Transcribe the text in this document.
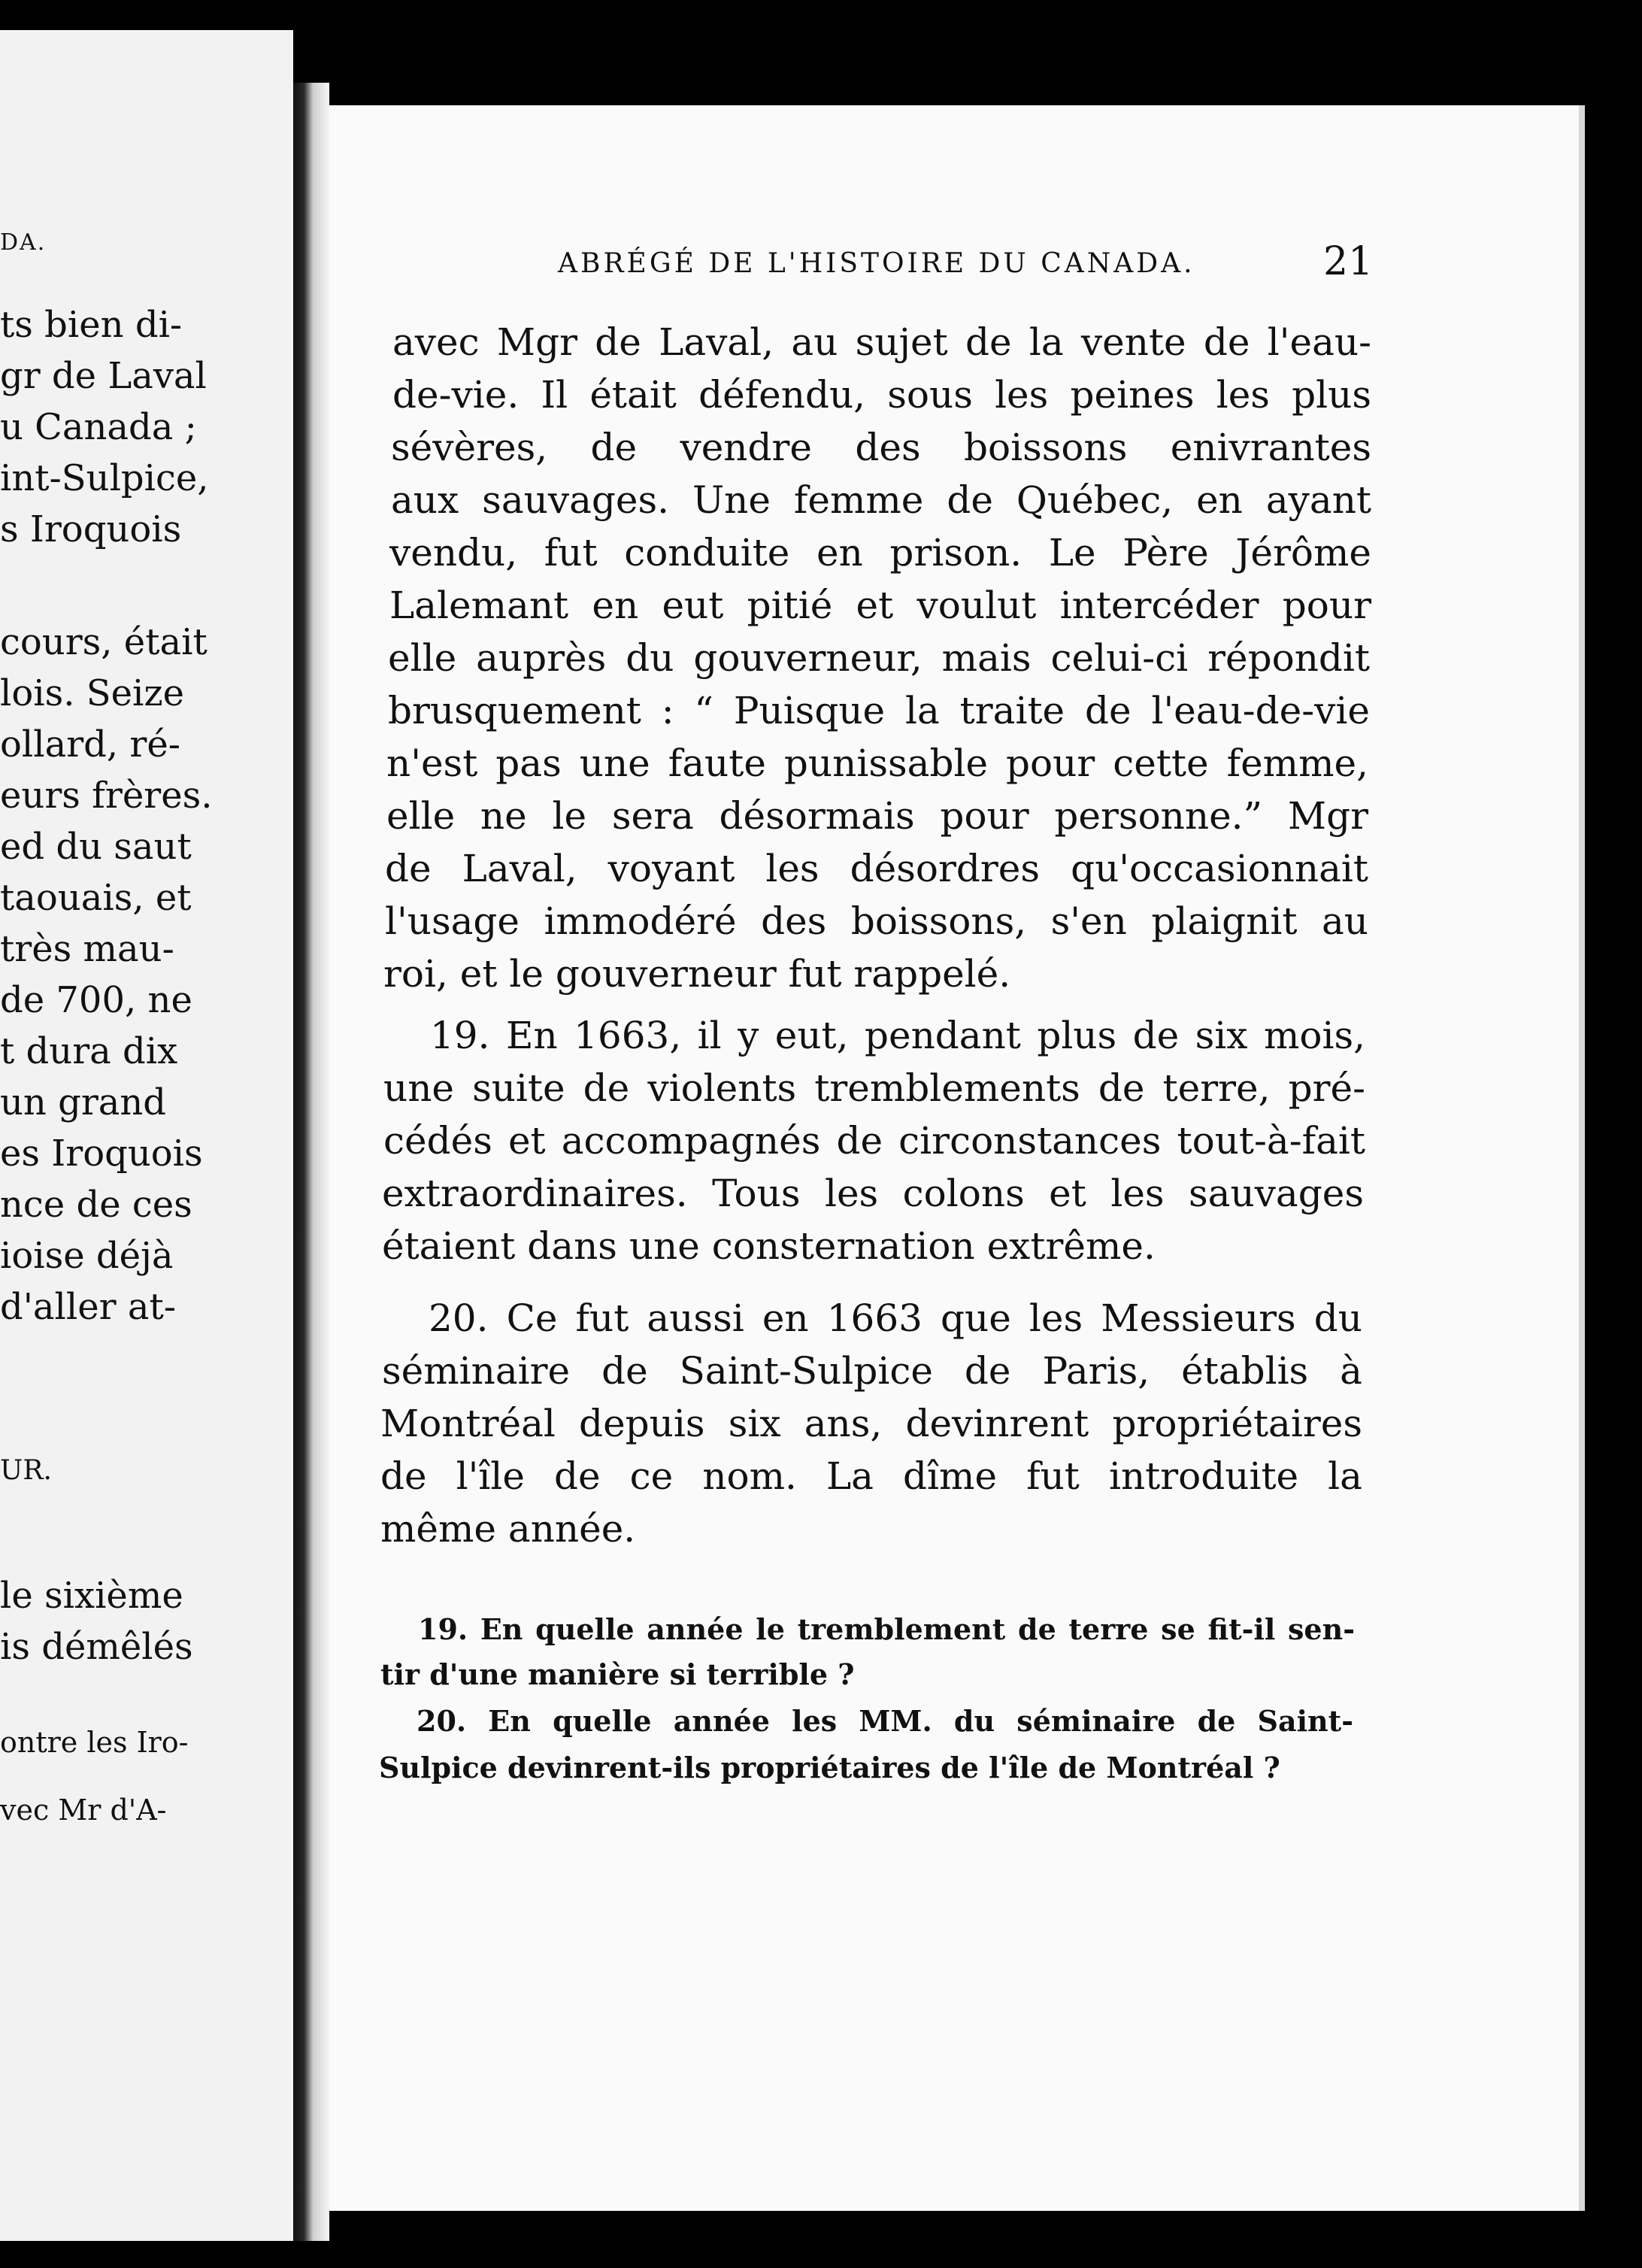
DA.
ts bien di-
gr de Laval
u Canada ;
int-Sulpice,
s Iroquois
cours, était
lois. Seize
ollard, ré-
eurs frères.
ed du saut
taouais, et
très mau-
de 700, ne
t dura dix
un grand
es Iroquois
nce de ces
ioise déjà
d'aller at-
UR.
le sixième
is démêlés
ontre les Iro-
vec Mr d'A-
ABRÉGÉ DE L'HISTOIRE DU CANADA.	21
avec Mgr de Laval, au sujet de la vente de l'eau-
de-vie. Il était défendu, sous les peines les plus
sévères, de vendre des boissons enivrantes
aux sauvages. Une femme de Québec, en ayant
vendu, fut conduite en prison. Le Père Jérôme
Lalemant en eut pitié et voulut intercéder pour
elle auprès du gouverneur, mais celui-ci répondit
brusquement : “ Puisque la traite de l'eau-de-vie
n'est pas une faute punissable pour cette femme,
elle ne le sera désormais pour personne.” Mgr
de Laval, voyant les désordres qu'occasionnait
l'usage immodéré des boissons, s'en plaignit au
roi, et le gouverneur fut rappelé.
19. En 1663, il y eut, pendant plus de six mois,
une suite de violents tremblements de terre, pré-
cédés et accompagnés de circonstances tout-à-fait
extraordinaires. Tous les colons et les sauvages
étaient dans une consternation extrême.
20. Ce fut aussi en 1663 que les Messieurs du
séminaire de Saint-Sulpice de Paris, établis à
Montréal depuis six ans, devinrent propriétaires
de l'île de ce nom. La dîme fut introduite la
même année.
19. En quelle année le tremblement de terre se fit-il sen-
tir d'une manière si terrible ?
20. En quelle année les MM. du séminaire de Saint-
Sulpice devinrent-ils propriétaires de l'île de Montréal ?
